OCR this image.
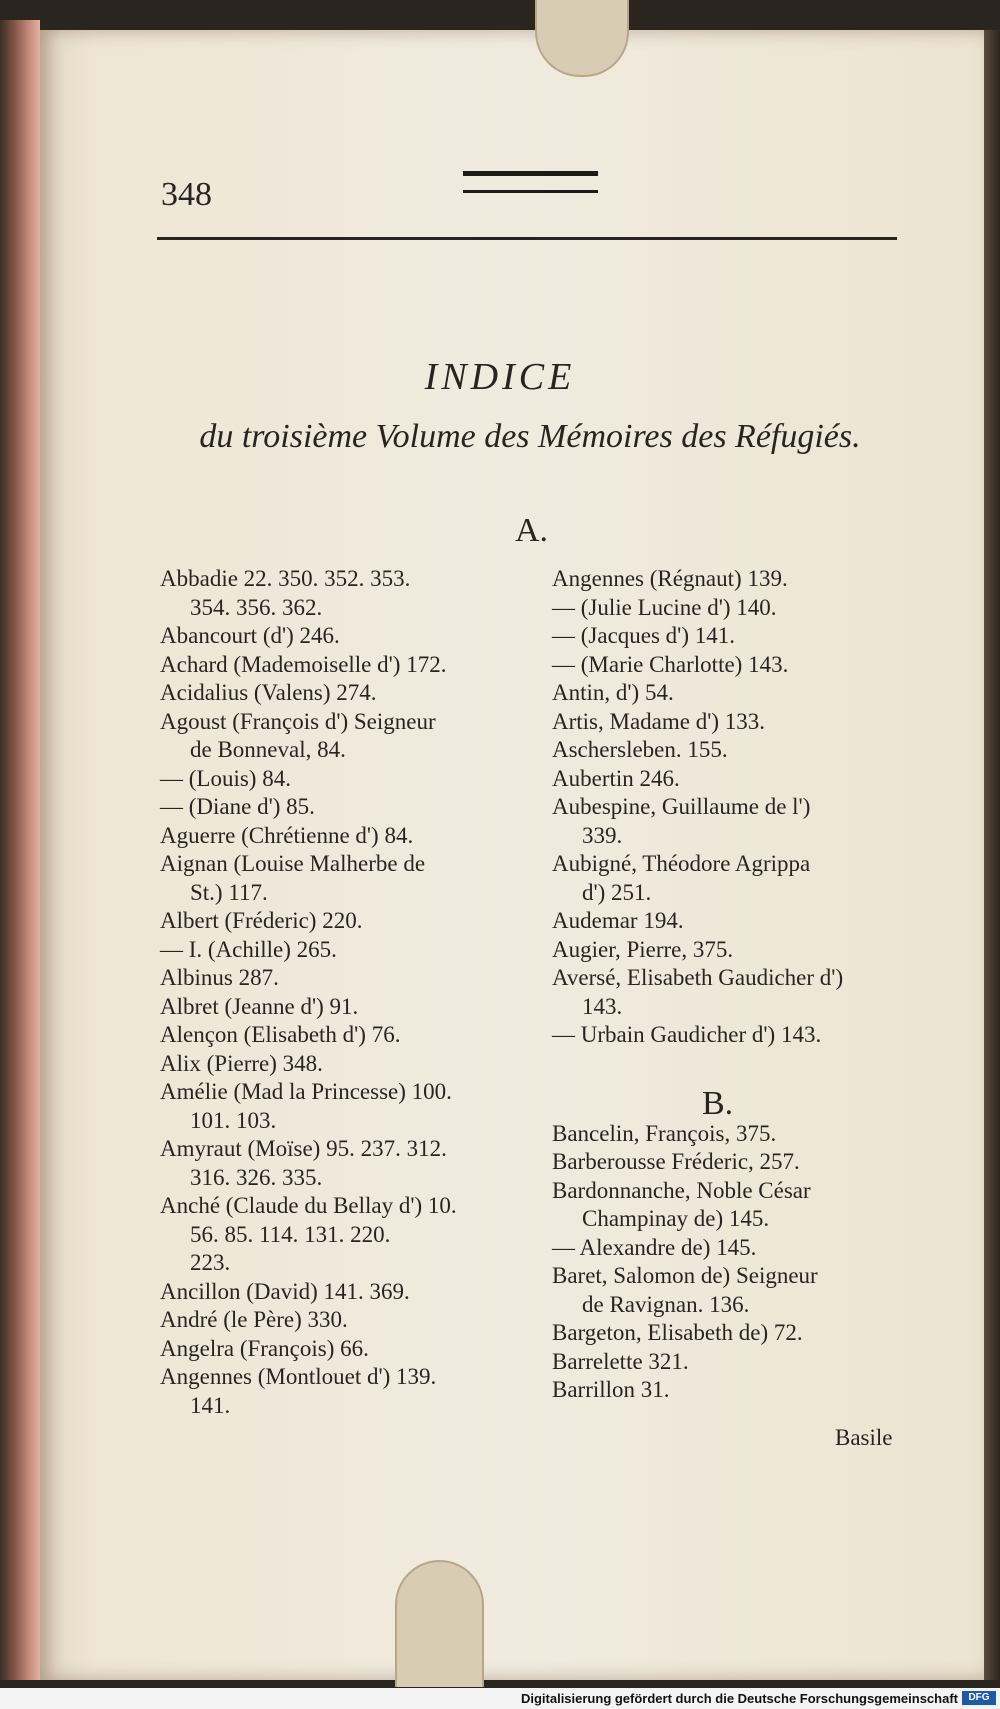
348
INDICE
du troisième Volume des Mémoires des Réfugiés.
A.
Abbadie 22. 350. 352. 353.
354. 356. 362.
Abancourt (d') 246.
Achard (Mademoiselle d') 172.
Acidalius (Valens) 274.
Agoust (François d') Seigneur
de Bonneval, 84.
— (Louis) 84.
— (Diane d') 85.
Aguerre (Chrétienne d') 84.
Aignan (Louise Malherbe de
St.) 117.
Albert (Fréderic) 220.
— I. (Achille) 265.
Albinus 287.
Albret (Jeanne d') 91.
Alençon (Elisabeth d') 76.
Alix (Pierre) 348.
Amélie (Mad la Princesse) 100.
101. 103.
Amyraut (Moïse) 95. 237. 312.
316. 326. 335.
Anché (Claude du Bellay d') 10.
56. 85. 114. 131. 220.
223.
Ancillon (David) 141. 369.
André (le Père) 330.
Angelra (François) 66.
Angennes (Montlouet d') 139.
141.
Angennes (Régnaut) 139.
— (Julie Lucine d') 140.
— (Jacques d') 141.
— (Marie Charlotte) 143.
Antin, d') 54.
Artis, Madame d') 133.
Aschersleben. 155.
Aubertin 246.
Aubespine, Guillaume de l')
339.
Aubigné, Théodore Agrippa
d') 251.
Audemar 194.
Augier, Pierre, 375.
Aversé, Elisabeth Gaudicher d')
143.
— Urbain Gaudicher d') 143.
Bancelin, François, 375.
Barberousse Fréderic, 257.
Bardonnanche, Noble César
Champinay de) 145.
— Alexandre de) 145.
Baret, Salomon de) Seigneur
de Ravignan. 136.
Bargeton, Elisabeth de) 72.
Barrelette 321.
Barrillon 31.
B.
Basile
Digitalisierung gefördert durch die Deutsche Forschungsgemeinschaft	DFG
